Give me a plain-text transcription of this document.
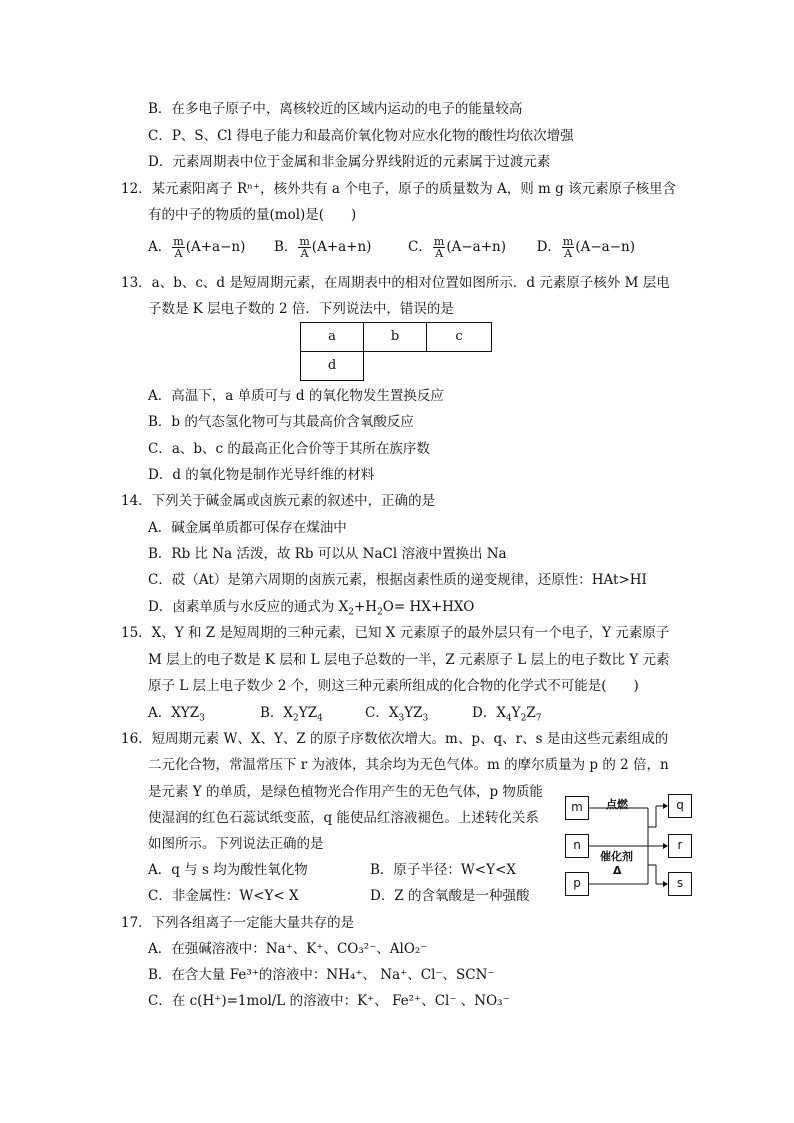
B．在多电子原子中，离核较近的区域内运动的电子的能量较高
C．P、S、Cl 得电子能力和最高价氧化物对应水化物的酸性均依次增强
D．元素周期表中位于金属和非金属分界线附近的元素属于过渡元素
12．某元素阳离子 Rⁿ⁺，核外共有 a 个电子，原子的质量数为 A，则 m g 该元素原子核里含
有的中子的物质的量(mol)是(　　)
A． $\frac{m}{A} (A+a-n)$ B． $\frac{m}{A} (A+a+n)$	C． $\frac{m}{A} (A-a+n)$ D． $\frac{m}{A} (A-a-n)$
13．a、b、c、d 是短周期元素，在周期表中的相对位置如图所示．d 元素原子核外 M 层电
子数是 K 层电子数的 2 倍．下列说法中，错误的是
a	b	c
d
A．高温下，a 单质可与 d 的氧化物发生置换反应
B．b 的气态氢化物可与其最高价含氧酸反应
C．a、b、c 的最高正化合价等于其所在族序数
D．d 的氧化物是制作光导纤维的材料
14．下列关于碱金属或卤族元素的叙述中，正确的是
A．碱金属单质都可保存在煤油中
B．Rb 比 Na 活泼，故 Rb 可以从 NaCl 溶液中置换出 Na
C．砹（At）是第六周期的卤族元素，根据卤素性质的递变规律，还原性：HAt>HI
D．卤素单质与水反应的通式为 $X_2+H_2O= HX+HXO$
15．X、Y 和 Z 是短周期的三种元素，已知 X 元素原子的最外层只有一个电子，Y 元素原子
M 层上的电子数是 K 层和 L 层电子总数的一半，Z 元素原子 L 层上的电子数比 Y 元素
原子 L 层上电子数少 2 个，则这三种元素所组成的化合物的化学式不可能是(　　)
A．$XYZ_3$	B．$X_2YZ_4$	C．$X_3YZ_3$	D．$X_4Y_2Z_7$
16．短周期元素 W、X、Y、Z 的原子序数依次增大。m、p、q、r、s 是由这些元素组成的
二元化合物，常温常压下 r 为液体，其余均为无色气体。m 的摩尔质量为 p 的 2 倍，n
是元素 Y 的单质，是绿色植物光合作用产生的无色气体，p 物质能
使湿润的红色石蕊试纸变蓝，q 能使品红溶液褪色。上述转化关系
如图所示。下列说法正确的是
A．q 与 s 均为酸性氧化物	B．原子半径：W<Y<X
C．非金属性：W<Y< X	D．Z 的含氧酸是一种强酸
m
n
p
q
r
s
点燃
催化剂
Δ
17．下列各组离子一定能大量共存的是
A．在强碱溶液中：Na⁺、K⁺、CO₃²⁻、AlO₂⁻
B．在含大量 Fe³⁺的溶液中：NH₄⁺、 Na⁺、Cl⁻、SCN⁻
C．在 c(H⁺)=1mol/L 的溶液中：K⁺、 Fe²⁺、Cl⁻ 、NO₃⁻
